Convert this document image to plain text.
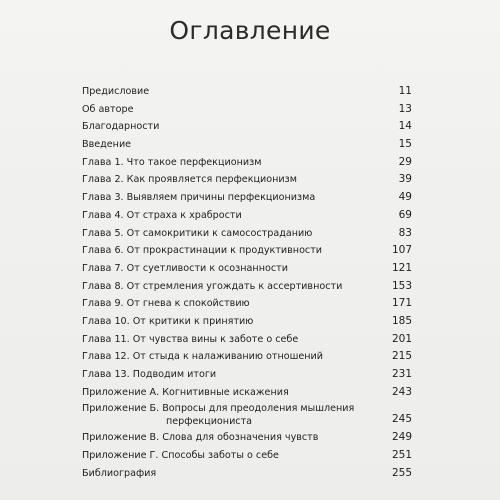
Оглавление
Предисловие	11
Об авторе	13
Благодарности	14
Введение	15
Глава 1. Что такое перфекционизм	29
Глава 2. Как проявляется перфекционизм	39
Глава 3. Выявляем причины перфекционизма	49
Глава 4. От страха к храбрости	69
Глава 5. От самокритики к самосостраданию	83
Глава 6. От прокрастинации к продуктивности	107
Глава 7. От суетливости к осознанности	121
Глава 8. От стремления угождать к ассертивности	153
Глава 9. От гнева к спокойствию	171
Глава 10. От критики к принятию	185
Глава 11. От чувства вины к заботе о себе	201
Глава 12. От стыда к налаживанию отношений	215
Глава 13. Подводим итоги	231
Приложение А. Когнитивные искажения	243
Приложение Б. Вопросы для преодоления мышления
перфекциониста	245
Приложение В. Слова для обозначения чувств	249
Приложение Г. Способы заботы о себе	251
Библиография	255
